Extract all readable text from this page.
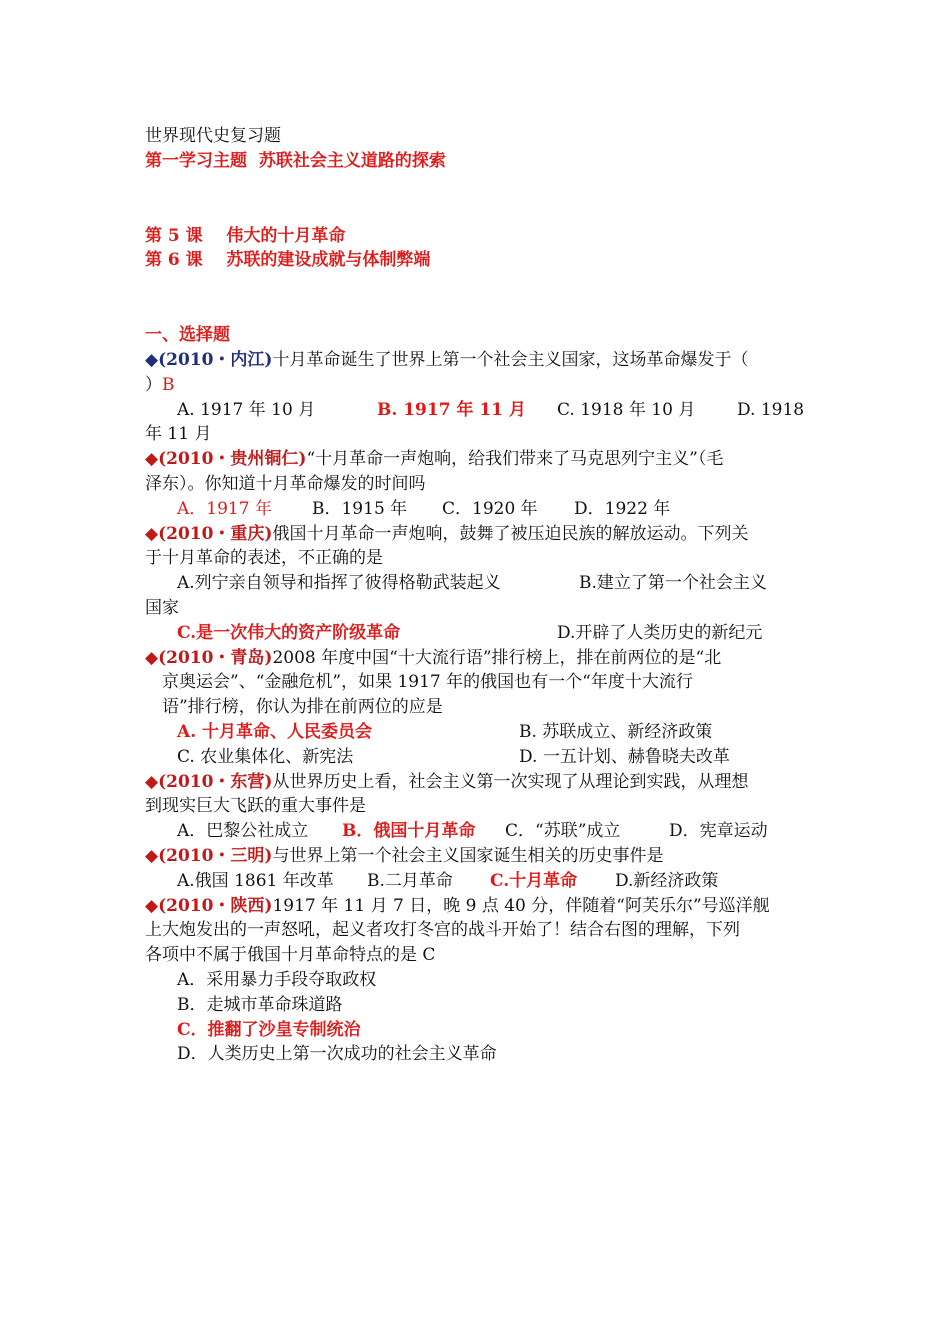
世界现代史复习题
第一学习主题  苏联社会主义道路的探索
第 5 课    伟大的十月革命
第 6 课    苏联的建设成就与体制弊端
一、选择题
◆(2010・内江)十月革命诞生了世界上第一个社会主义国家，这场革命爆发于（
）B
A. 1917 年 10 月	B. 1917 年 11 月 C. 1918 年 10 月 D. 1918
年 11 月
◆(2010・贵州铜仁)“十月革命一声炮响，给我们带来了马克思列宁主义”（毛
泽东）。你知道十月革命爆发的时间吗
A．1917 年 B．1915 年 C．1920 年 D．1922 年
◆(2010・重庆)俄国十月革命一声炮响，鼓舞了被压迫民族的解放运动。下列关
于十月革命的表述，不正确的是
A.列宁亲自领导和指挥了彼得格勒武装起义	B.建立了第一个社会主义
国家
C.是一次伟大的资产阶级革命	D.开辟了人类历史的新纪元
◆(2010・青岛)2008 年度中国“十大流行语”排行榜上，排在前两位的是“北
京奥运会”、“金融危机”，如果 1917 年的俄国也有一个“年度十大流行
语”排行榜，你认为排在前两位的应是
A. 十月革命、人民委员会	B. 苏联成立、新经济政策
C. 农业集体化、新宪法	D. 一五计划、赫鲁晓夫改革
◆(2010・东营)从世界历史上看，社会主义第一次实现了从理论到实践，从理想
到现实巨大飞跃的重大事件是
A．巴黎公社成立 B．俄国十月革命 C．“苏联”成立	D．宪章运动
◆(2010・三明)与世界上第一个社会主义国家诞生相关的历史事件是
A.俄国 1861 年改革 B.二月革命 C.十月革命 D.新经济政策
◆(2010・陕西)1917 年 11 月 7 日，晚 9 点 40 分，伴随着“阿芙乐尔”号巡洋舰
上大炮发出的一声怒吼，起义者攻打冬宫的战斗开始了！结合右图的理解，下列
各项中不属于俄国十月革命特点的是 C
A．采用暴力手段夺取政权
B．走城市革命珠道路
C．推翻了沙皇专制统治
D．人类历史上第一次成功的社会主义革命
